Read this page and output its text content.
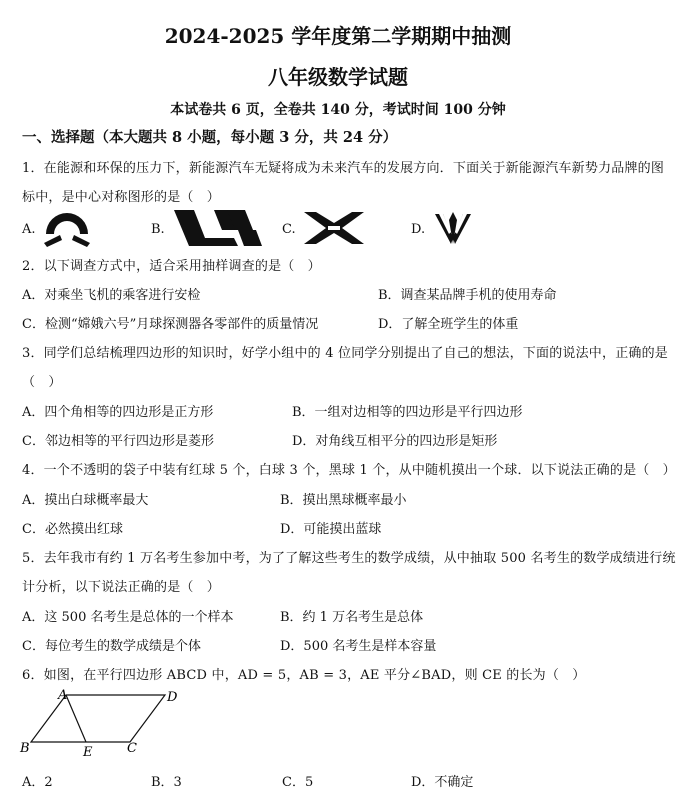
2024-2025 学年度第二学期期中抽测
八年级数学试题
本试卷共 6 页，全卷共 140 分，考试时间 100 分钟
一、选择题（本大题共 8 小题，每小题 3 分，共 24 分）
1．在能源和环保的压力下，新能源汽车无疑将成为未来汽车的发展方向．下面关于新能源汽车新势力品牌的图
标中，是中心对称图形的是（　）
A.	B.	C.	D.
2．以下调查方式中，适合采用抽样调查的是（　）
A．对乘坐飞机的乘客进行安检	B．调查某品牌手机的使用寿命
C．检测“嫦娥六号”月球探测器各零部件的质量情况	D．了解全班学生的体重
3．同学们总结梳理四边形的知识时，好学小组中的 4 位同学分别提出了自己的想法，下面的说法中，正确的是
（　）
A．四个角相等的四边形是正方形	B．一组对边相等的四边形是平行四边形
C．邻边相等的平行四边形是菱形	D．对角线互相平分的四边形是矩形
4．一个不透明的袋子中装有红球 5 个，白球 3 个，黑球 1 个，从中随机摸出一个球．以下说法正确的是（　）
A．摸出白球概率最大	B．摸出黑球概率最小
C．必然摸出红球	D．可能摸出蓝球
5．去年我市有约 1 万名考生参加中考，为了了解这些考生的数学成绩，从中抽取 500 名考生的数学成绩进行统
计分析，以下说法正确的是（　）
A．这 500 名考生是总体的一个样本	B．约 1 万名考生是总体
C．每位考生的数学成绩是个体	D．500 名考生是样本容量
6．如图，在平行四边形 ABCD 中，AD = 5，AB = 3，AE 平分∠BAD，则 CE 的长为（　）
A	D
B	E	C
A．2	B．3	C．5	D．不确定
